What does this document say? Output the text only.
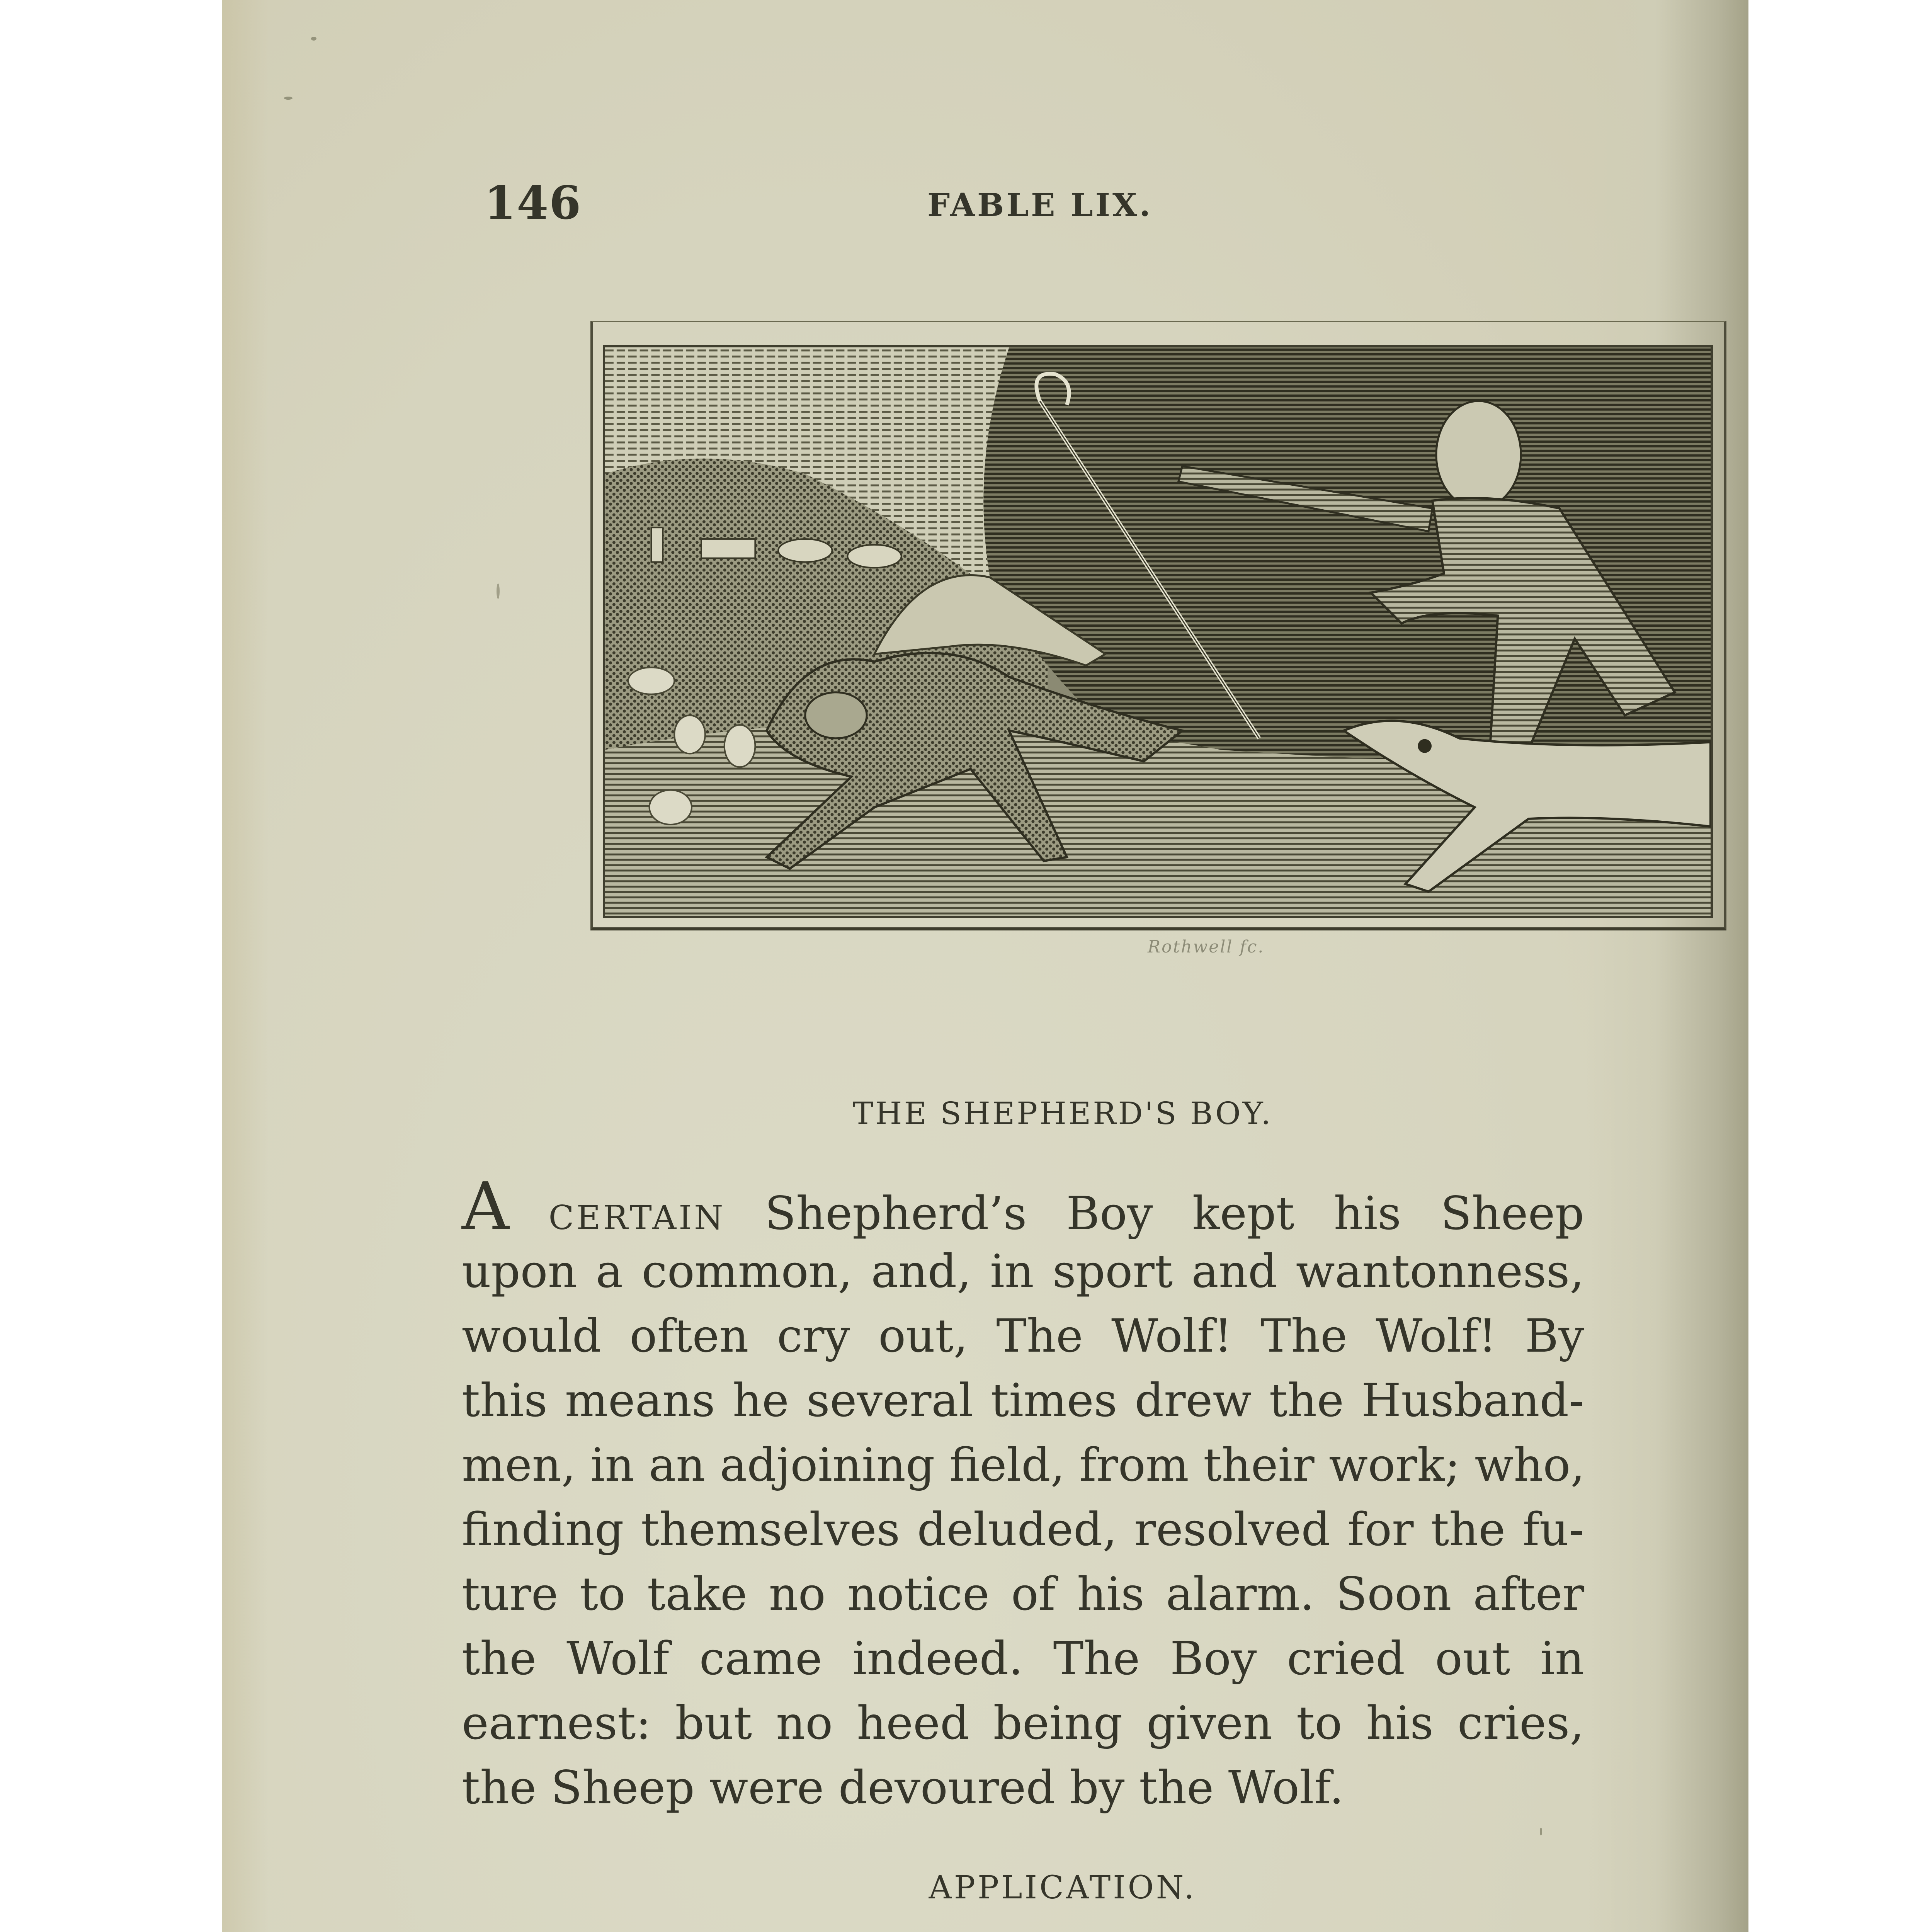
146	FABLE LIX.
Rothwell fc.
THE SHEPHERD'S BOY.
A CERTAIN Shepherd’s Boy kept his Sheep
upon a common, and, in sport and wantonness,
would often cry out, The Wolf! The Wolf! By
this means he several times drew the Husband-
men, in an adjoining field, from their work; who,
finding themselves deluded, resolved for the fu-
ture to take no notice of his alarm. Soon after
the Wolf came indeed. The Boy cried out in
earnest: but no heed being given to his cries,
the Sheep were devoured by the Wolf.
APPLICATION.
